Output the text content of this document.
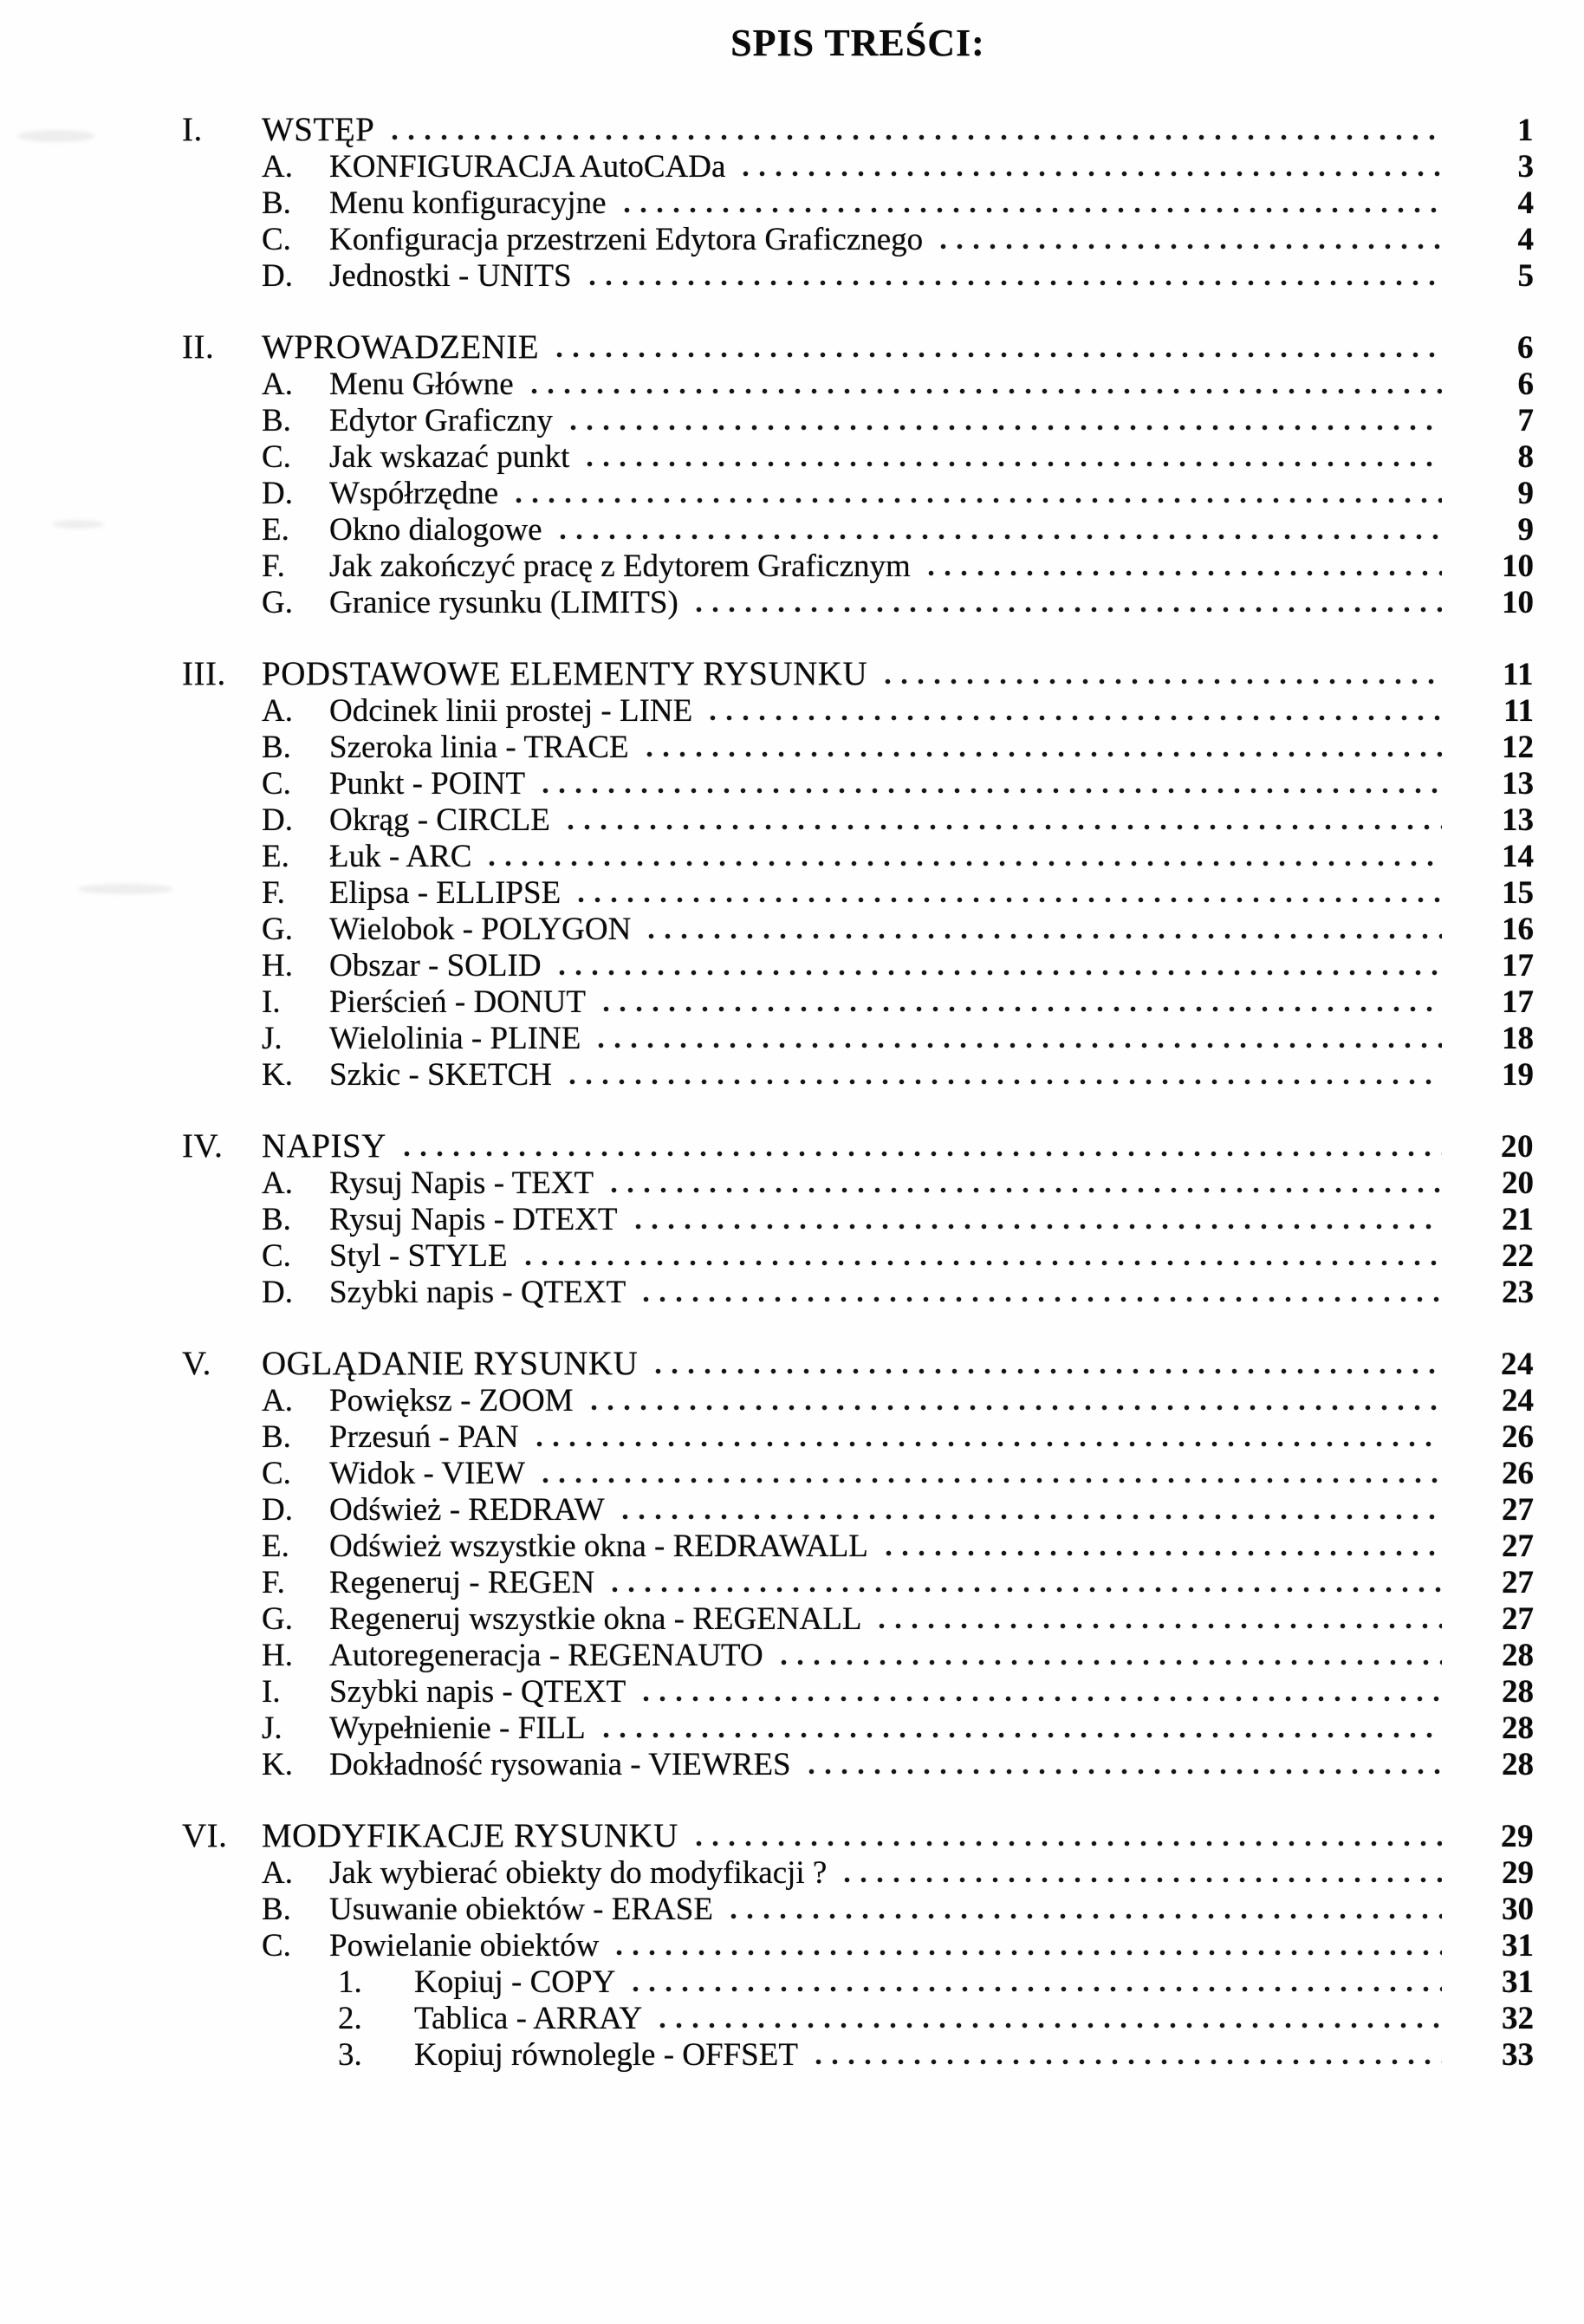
SPIS TREŚCI:
I.	WSTĘP	1
A.	KONFIGURACJA AutoCADa	3
B.	Menu konfiguracyjne	4
C.	Konfiguracja przestrzeni Edytora Graficznego	4
D.	Jednostki - UNITS	5
II.	WPROWADZENIE	6
A.	Menu Główne	6
B.	Edytor Graficzny	7
C.	Jak wskazać punkt	8
D.	Współrzędne	9
E.	Okno dialogowe	9
F.	Jak zakończyć pracę z Edytorem Graficznym	10
G.	Granice rysunku (LIMITS)	10
III.	PODSTAWOWE ELEMENTY RYSUNKU	11
A.	Odcinek linii prostej - LINE	11
B.	Szeroka linia - TRACE	12
C.	Punkt - POINT	13
D.	Okrąg - CIRCLE	13
E.	Łuk - ARC	14
F.	Elipsa - ELLIPSE	15
G.	Wielobok - POLYGON	16
H.	Obszar - SOLID	17
I.	Pierścień - DONUT	17
J.	Wielolinia - PLINE	18
K.	Szkic - SKETCH	19
IV.	NAPISY	20
A.	Rysuj Napis - TEXT	20
B.	Rysuj Napis - DTEXT	21
C.	Styl - STYLE	22
D.	Szybki napis - QTEXT	23
V.	OGLĄDANIE RYSUNKU	24
A.	Powiększ - ZOOM	24
B.	Przesuń - PAN	26
C.	Widok - VIEW	26
D.	Odśwież - REDRAW	27
E.	Odśwież wszystkie okna - REDRAWALL	27
F.	Regeneruj - REGEN	27
G.	Regeneruj wszystkie okna - REGENALL	27
H.	Autoregeneracja - REGENAUTO	28
I.	Szybki napis - QTEXT	28
J.	Wypełnienie - FILL	28
K.	Dokładność rysowania - VIEWRES	28
VI.	MODYFIKACJE RYSUNKU	29
A.	Jak wybierać obiekty do modyfikacji ?	29
B.	Usuwanie obiektów - ERASE	30
C.	Powielanie obiektów	31
1.	Kopiuj - COPY	31
2.	Tablica - ARRAY	32
3.	Kopiuj równolegle - OFFSET	33
